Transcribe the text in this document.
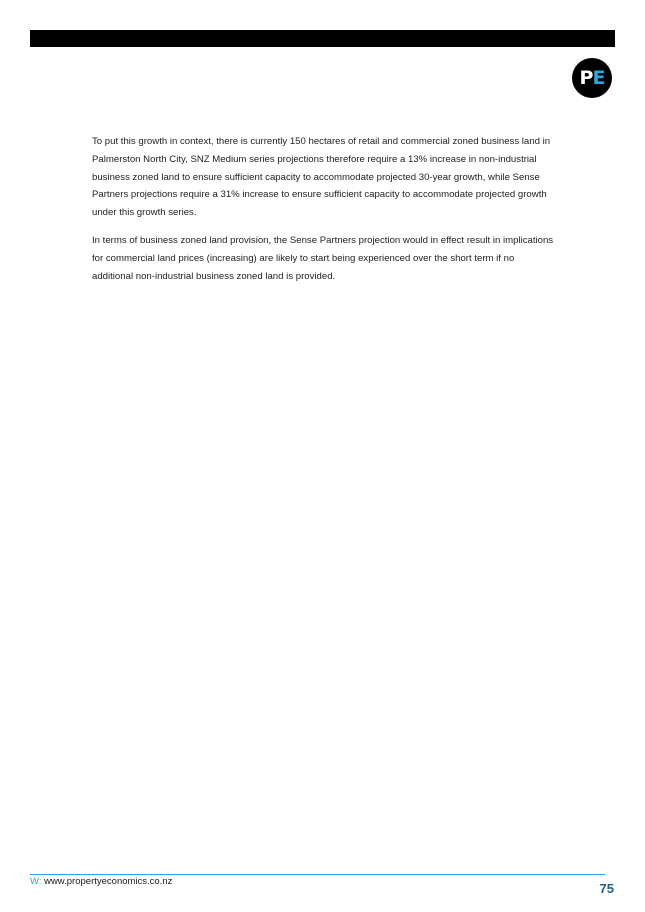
P E

To put this growth in context, there is currently 150 hectares of retail and commercial zoned business land in Palmerston North City, SNZ Medium series projections therefore require a 13% increase in non-industrial business zoned land to ensure sufficient capacity to accommodate projected 30-year growth, while Sense Partners projections require a 31% increase to ensure sufficient capacity to accommodate projected growth under this growth series.

In terms of business zoned land provision, the Sense Partners projection would in effect result in implications for commercial land prices (increasing) are likely to start being experienced over the short term if no additional non-industrial business zoned land is provided.

W: www.propertyeconomics.co.nz	75
